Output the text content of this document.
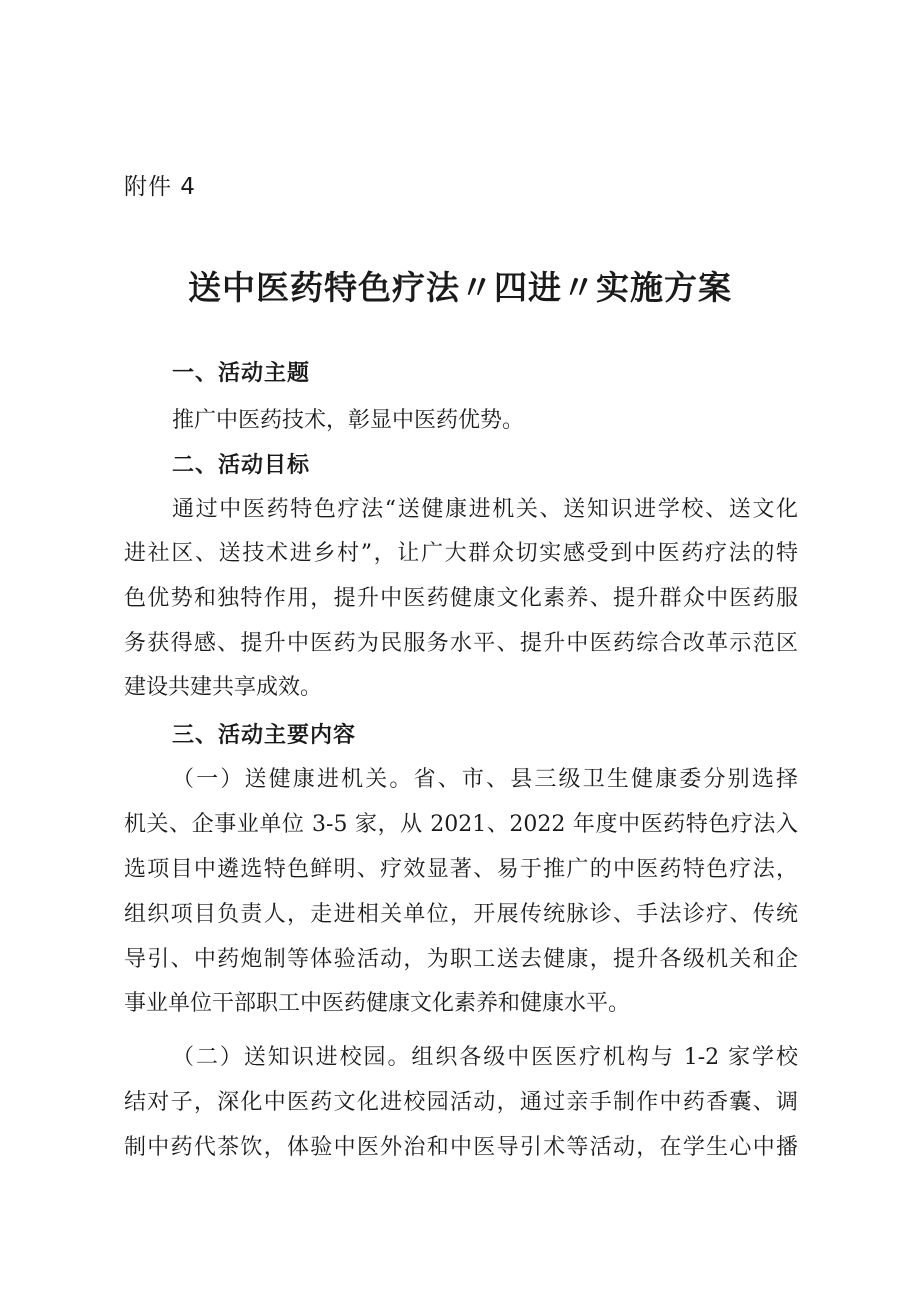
附件 4
送中医药特色疗法〃四进〃实施方案
一、活动主题
推广中医药技术，彰显中医药优势。
二、活动目标
通过中医药特色疗法“送健康进机关、送知识进学校、送文化
进社区、送技术进乡村”，让广大群众切实感受到中医药疗法的特
色优势和独特作用，提升中医药健康文化素养、提升群众中医药服
务获得感、提升中医药为民服务水平、提升中医药综合改革示范区
建设共建共享成效。
三、活动主要内容
（一）送健康进机关。省、市、县三级卫生健康委分别选择
机关、企事业单位 3-5 家，从 2021、2022 年度中医药特色疗法入
选项目中遴选特色鲜明、疗效显著、易于推广的中医药特色疗法，
组织项目负责人，走进相关单位，开展传统脉诊、手法诊疗、传统
导引、中药炮制等体验活动，为职工送去健康，提升各级机关和企
事业单位干部职工中医药健康文化素养和健康水平。
（二）送知识进校园。组织各级中医医疗机构与 1-2 家学校
结对子，深化中医药文化进校园活动，通过亲手制作中药香囊、调
制中药代茶饮，体验中医外治和中医导引术等活动，在学生心中播
